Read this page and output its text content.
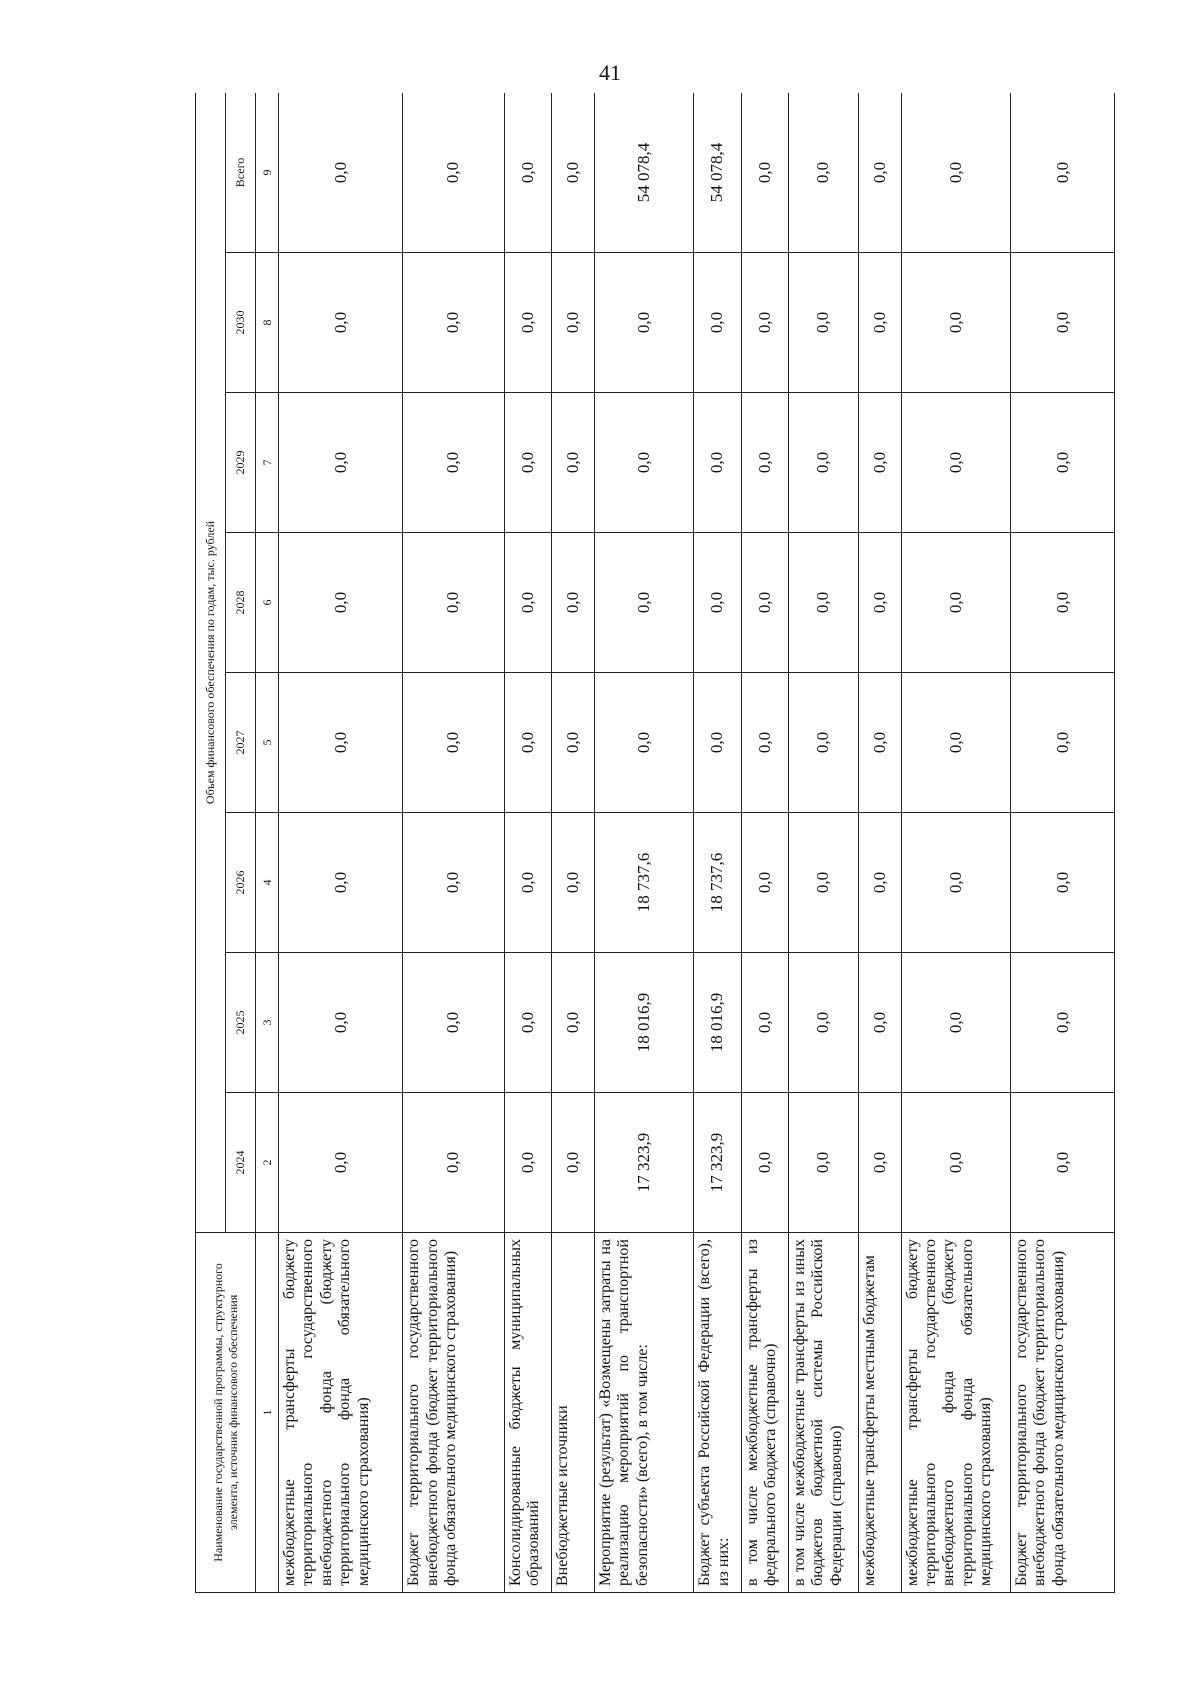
41
Наименование государственной программы, структурного элемента, источник финансового обеспечения	Объем финансового обеспечения по годам, тыс. рублей							
	2024	2025	2026	2027	2028	2029	2030	Всего
1	2	3	4	5	6	7	8	9
межбюджетные трансферты бюджету территориального государственного внебюджетного фонда (бюджету территориального фонда обязательного медицинского страхования)	0,0	0,0	0,0	0,0	0,0	0,0	0,0	0,0
Бюджет территориального государственного внебюджетного фонда (бюджет территориального фонда обязательного медицинского страхования)	0,0	0,0	0,0	0,0	0,0	0,0	0,0	0,0
Консолидированные бюджеты муниципальных образований	0,0	0,0	0,0	0,0	0,0	0,0	0,0	0,0
Внебюджетные источники	0,0	0,0	0,0	0,0	0,0	0,0	0,0	0,0
Мероприятие (результат) «Возмещены затраты на реализацию мероприятий по транспортной безопасности» (всего), в том числе:	17 323,9	18 016,9	18 737,6	0,0	0,0	0,0	0,0	54 078,4
Бюджет субъекта Российской Федерации (всего), из них:	17 323,9	18 016,9	18 737,6	0,0	0,0	0,0	0,0	54 078,4
в том числе межбюджетные трансферты из федерального бюджета (справочно)	0,0	0,0	0,0	0,0	0,0	0,0	0,0	0,0
в том числе межбюджетные трансферты из иных бюджетов бюджетной системы Российской Федерации (справочно)	0,0	0,0	0,0	0,0	0,0	0,0	0,0	0,0
межбюджетные трансферты местным бюджетам	0,0	0,0	0,0	0,0	0,0	0,0	0,0	0,0
межбюджетные трансферты бюджету территориального государственного внебюджетного фонда (бюджету территориального фонда обязательного медицинского страхования)	0,0	0,0	0,0	0,0	0,0	0,0	0,0	0,0
Бюджет территориального государственного внебюджетного фонда (бюджет территориального фонда обязательного медицинского страхования)	0,0	0,0	0,0	0,0	0,0	0,0	0,0	0,0
